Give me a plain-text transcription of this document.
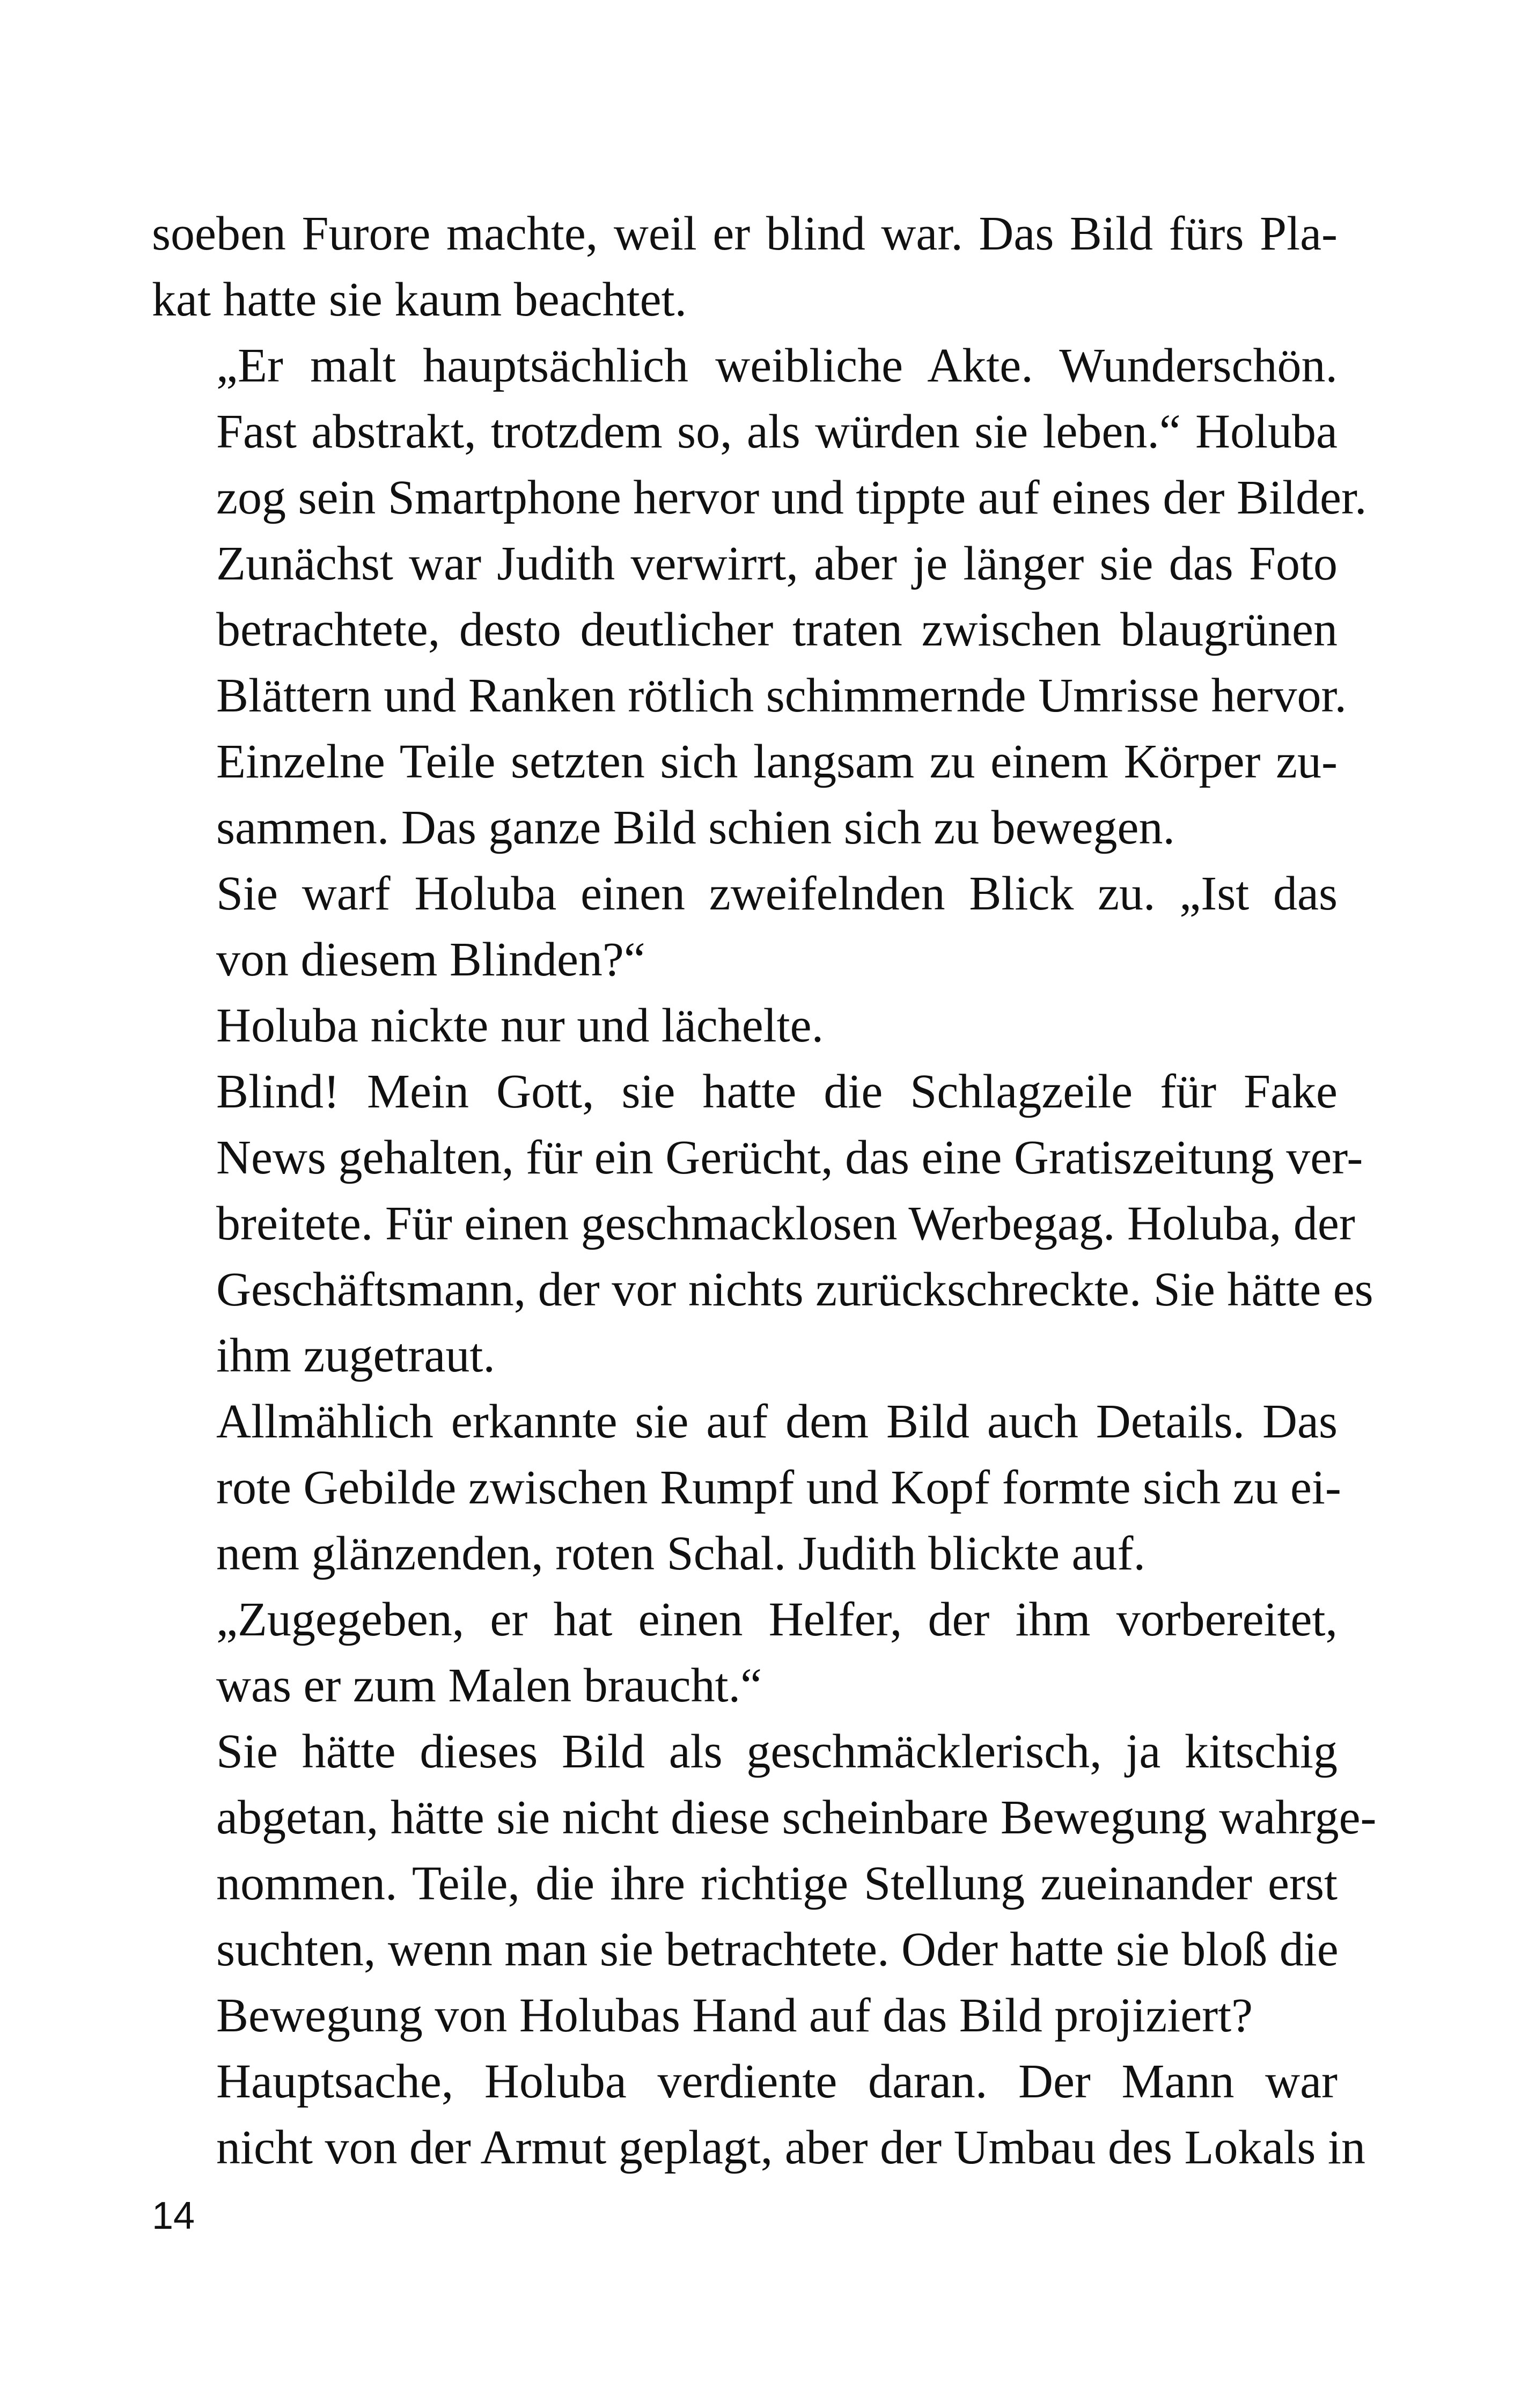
soeben Furore machte, weil er blind war. Das Bild fürs Pla-
kat hatte sie kaum beachtet.

„Er malt hauptsächlich weibliche Akte. Wunderschön.
Fast abstrakt, trotzdem so, als würden sie leben.“ Holuba
zog sein Smartphone hervor und tippte auf eines der Bilder.

Zunächst war Judith verwirrt, aber je länger sie das Foto
betrachtete, desto deutlicher traten zwischen blaugrünen
Blättern und Ranken rötlich schimmernde Umrisse hervor.
Einzelne Teile setzten sich langsam zu einem Körper zu-
sammen. Das ganze Bild schien sich zu bewegen.

Sie warf Holuba einen zweifelnden Blick zu. „Ist das
von diesem Blinden?“

Holuba nickte nur und lächelte.

Blind! Mein Gott, sie hatte die Schlagzeile für Fake
News gehalten, für ein Gerücht, das eine Gratiszeitung ver-
breitete. Für einen geschmacklosen Werbegag. Holuba, der
Geschäftsmann, der vor nichts zurückschreckte. Sie hätte es
ihm zugetraut.

Allmählich erkannte sie auf dem Bild auch Details. Das
rote Gebilde zwischen Rumpf und Kopf formte sich zu ei-
nem glänzenden, roten Schal. Judith blickte auf.

„Zugegeben, er hat einen Helfer, der ihm vorbereitet,
was er zum Malen braucht.“

Sie hätte dieses Bild als geschmäcklerisch, ja kitschig
abgetan, hätte sie nicht diese scheinbare Bewegung wahrge-
nommen. Teile, die ihre richtige Stellung zueinander erst
suchten, wenn man sie betrachtete. Oder hatte sie bloß die
Bewegung von Holubas Hand auf das Bild projiziert?

Hauptsache, Holuba verdiente daran. Der Mann war
nicht von der Armut geplagt, aber der Umbau des Lokals in

14
